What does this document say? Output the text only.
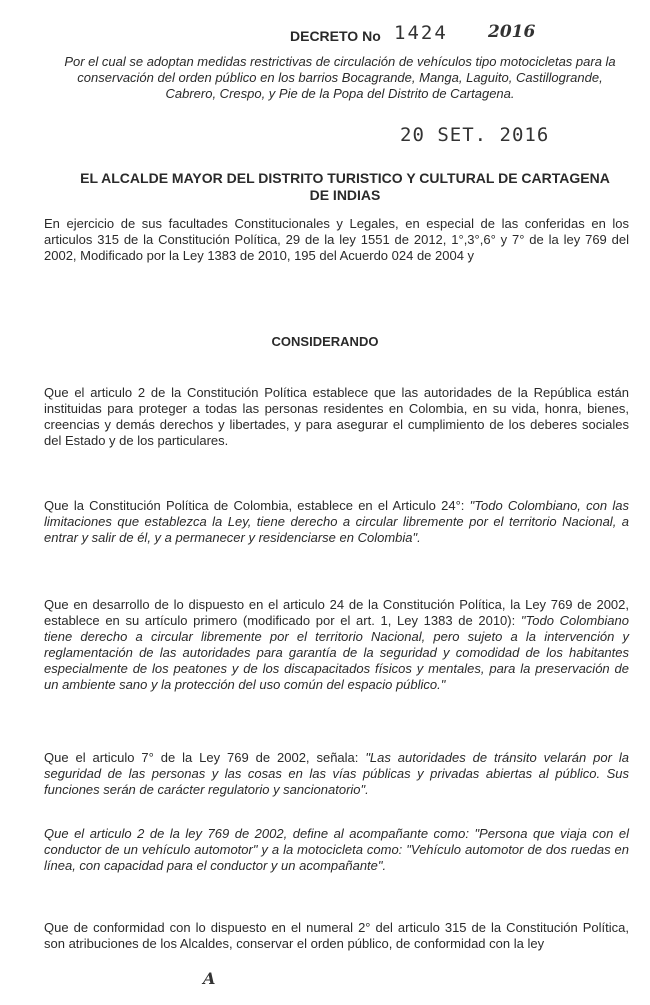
DECRETO No 1424 2016
Por el cual se adoptan medidas restrictivas de circulación de vehículos tipo motocicletas para la conservación del orden público en los barrios Bocagrande, Manga, Laguito, Castillogrande, Cabrero, Crespo, y Pie de la Popa del Distrito de Cartagena.
20 SET. 2016
EL ALCALDE MAYOR DEL DISTRITO TURISTICO Y CULTURAL DE CARTAGENA DE INDIAS
En ejercicio de sus facultades Constitucionales y Legales, en especial de las conferidas en los articulos 315 de la Constitución Política, 29 de la ley 1551 de 2012, 1°,3°,6° y 7° de la ley 769 del 2002, Modificado por la Ley 1383 de 2010, 195 del Acuerdo 024 de 2004 y
CONSIDERANDO
Que el articulo 2 de la Constitución Política establece que las autoridades de la República están instituidas para proteger a todas las personas residentes en Colombia, en su vida, honra, bienes, creencias y demás derechos y libertades, y para asegurar el cumplimiento de los deberes sociales del Estado y de los particulares.
Que la Constitución Política de Colombia, establece en el Articulo 24°: "Todo Colombiano, con las limitaciones que establezca la Ley, tiene derecho a circular libremente por el territorio Nacional, a entrar y salir de él, y a permanecer y residenciarse en Colombia".
Que en desarrollo de lo dispuesto en el articulo 24 de la Constitución Política, la Ley 769 de 2002, establece en su artículo primero (modificado por el art. 1, Ley 1383 de 2010): "Todo Colombiano tiene derecho a circular libremente por el territorio Nacional, pero sujeto a la intervención y reglamentación de las autoridades para garantía de la seguridad y comodidad de los habitantes especialmente de los peatones y de los discapacitados físicos y mentales, para la preservación de un ambiente sano y la protección del uso común del espacio público."
Que el articulo 7° de la Ley 769 de 2002, señala: "Las autoridades de tránsito velarán por la seguridad de las personas y las cosas en las vías públicas y privadas abiertas al público. Sus funciones serán de carácter regulatorio y sancionatorio".
Que el articulo 2 de la ley 769 de 2002, define al acompañante como: "Persona que viaja con el conductor de un vehículo automotor" y a la motocicleta como: "Vehículo automotor de dos ruedas en línea, con capacidad para el conductor y un acompañante".
Que de conformidad con lo dispuesto en el numeral 2° del articulo 315 de la Constitución Política, son atribuciones de los Alcaldes, conservar el orden público, de conformidad con la ley
A
